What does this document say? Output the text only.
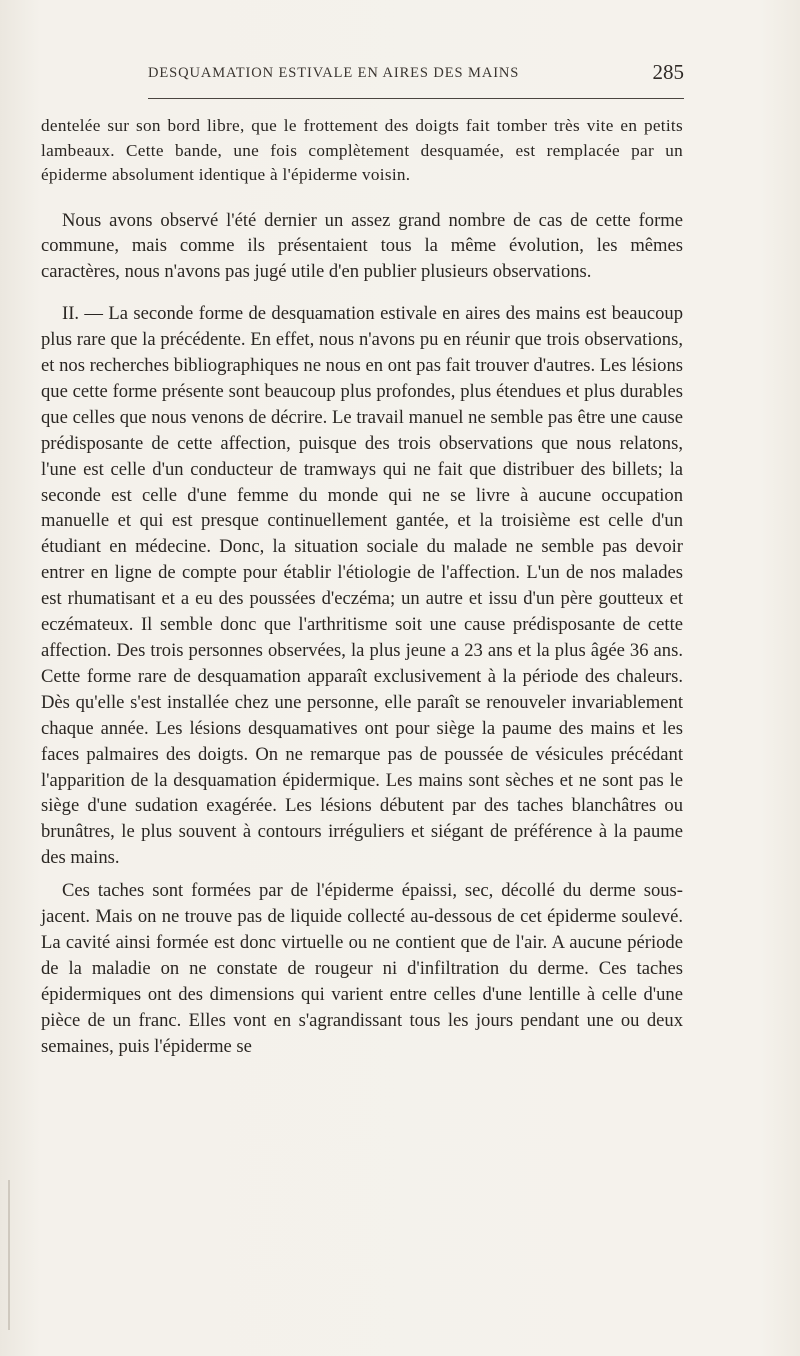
DESQUAMATION ESTIVALE EN AIRES DES MAINS	285

dentelée sur son bord libre, que le frottement des doigts fait tomber très vite en petits lambeaux. Cette bande, une fois complètement desquamée, est remplacée par un épiderme absolument identique à l'épiderme voisin.

Nous avons observé l'été dernier un assez grand nombre de cas de cette forme commune, mais comme ils présentaient tous la même évolution, les mêmes caractères, nous n'avons pas jugé utile d'en publier plusieurs observations.

II. — La seconde forme de desquamation estivale en aires des mains est beaucoup plus rare que la précédente. En effet, nous n'avons pu en réunir que trois observations, et nos recherches bibliographiques ne nous en ont pas fait trouver d'autres. Les lésions que cette forme présente sont beaucoup plus profondes, plus étendues et plus durables que celles que nous venons de décrire. Le travail manuel ne semble pas être une cause prédisposante de cette affection, puisque des trois observations que nous relatons, l'une est celle d'un conducteur de tramways qui ne fait que distribuer des billets; la seconde est celle d'une femme du monde qui ne se livre à aucune occupation manuelle et qui est presque continuellement gantée, et la troisième est celle d'un étudiant en médecine. Donc, la situation sociale du malade ne semble pas devoir entrer en ligne de compte pour établir l'étiologie de l'affection. L'un de nos malades est rhumatisant et a eu des poussées d'eczéma; un autre et issu d'un père goutteux et eczémateux. Il semble donc que l'arthritisme soit une cause prédisposante de cette affection. Des trois personnes observées, la plus jeune a 23 ans et la plus âgée 36 ans. Cette forme rare de desquamation apparaît exclusivement à la période des chaleurs. Dès qu'elle s'est installée chez une personne, elle paraît se renouveler invariablement chaque année. Les lésions desquamatives ont pour siège la paume des mains et les faces palmaires des doigts. On ne remarque pas de poussée de vésicules précédant l'apparition de la desquamation épidermique. Les mains sont sèches et ne sont pas le siège d'une sudation exagérée. Les lésions débutent par des taches blanchâtres ou brunâtres, le plus souvent à contours irréguliers et siégant de préférence à la paume des mains.

Ces taches sont formées par de l'épiderme épaissi, sec, décollé du derme sous-jacent. Mais on ne trouve pas de liquide collecté au-dessous de cet épiderme soulevé. La cavité ainsi formée est donc virtuelle ou ne contient que de l'air. A aucune période de la maladie on ne constate de rougeur ni d'infiltration du derme. Ces taches épidermiques ont des dimensions qui varient entre celles d'une lentille à celle d'une pièce de un franc. Elles vont en s'agrandissant tous les jours pendant une ou deux semaines, puis l'épiderme se
